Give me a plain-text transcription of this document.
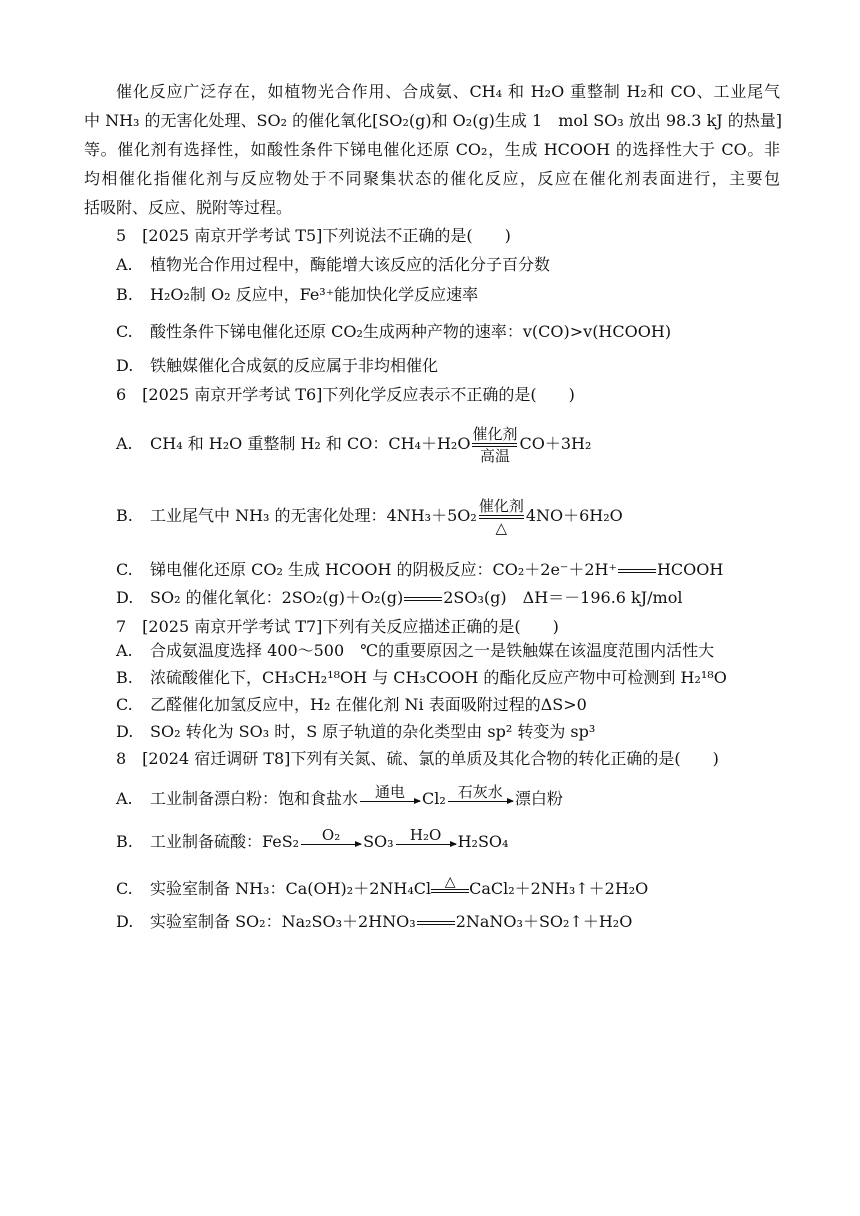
催化反应广泛存在，如植物光合作用、合成氨、CH₄ 和 H₂O 重整制 H₂和 CO、工业尾气
中 NH₃ 的无害化处理、SO₂ 的催化氧化[SO₂(g)和 O₂(g)生成 1　mol SO₃ 放出 98.3 kJ 的热量]
等。催化剂有选择性，如酸性条件下锑电催化还原 CO₂，生成 HCOOH 的选择性大于 CO。非
均相催化指催化剂与反应物处于不同聚集状态的催化反应，反应在催化剂表面进行，主要包
括吸附、反应、脱附等过程。
5　[2025 南京开学考试 T5]下列说法不正确的是(　　)
A. 植物光合作用过程中，酶能增大该反应的活化分子百分数
B. H₂O₂制 O₂ 反应中，Fe³⁺能加快化学反应速率
C. 酸性条件下锑电催化还原 CO₂生成两种产物的速率：v(CO)>v(HCOOH)
D. 铁触媒催化合成氨的反应属于非均相催化
6　[2025 南京开学考试 T6]下列化学反应表示不正确的是(　　)
A. CH₄ 和 H₂O 重整制 H₂ 和 CO：CH₄＋H₂O
催化剂
高温
CO＋3H₂
B. 工业尾气中 NH₃ 的无害化处理：4NH₃＋5O₂
催化剂
△
4NO＋6H₂O
C. 锑电催化还原 CO₂ 生成 HCOOH 的阴极反应：CO₂＋2e⁻＋2H⁺	HCOOH
D. SO₂ 的催化氧化：2SO₂(g)＋O₂(g)	2SO₃(g)　ΔH＝－196.6 kJ/mol
7　[2025 南京开学考试 T7]下列有关反应描述正确的是(　　)
A. 合成氨温度选择 400～500　℃的重要原因之一是铁触媒在该温度范围内活性大
B. 浓硫酸催化下，CH₃CH₂¹⁸OH 与 CH₃COOH 的酯化反应产物中可检测到 H₂¹⁸O
C. 乙醛催化加氢反应中，H₂ 在催化剂 Ni 表面吸附过程的ΔS>0
D. SO₂ 转化为 SO₃ 时，S 原子轨道的杂化类型由 sp² 转变为 sp³
8　[2024 宿迁调研 T8]下列有关氮、硫、氯的单质及其化合物的转化正确的是(　　)
A. 工业制备漂白粉：饱和食盐水	通电	Cl₂ 石灰水 漂白粉
B. 工业制备硫酸：FeS₂	O₂	SO₃	H₂O	H₂SO₄
C. 实验室制备 NH₃：Ca(OH)₂＋2NH₄Cl △ CaCl₂＋2NH₃↑＋2H₂O
D. 实验室制备 SO₂：Na₂SO₃＋2HNO₃	2NaNO₃＋SO₂↑＋H₂O
